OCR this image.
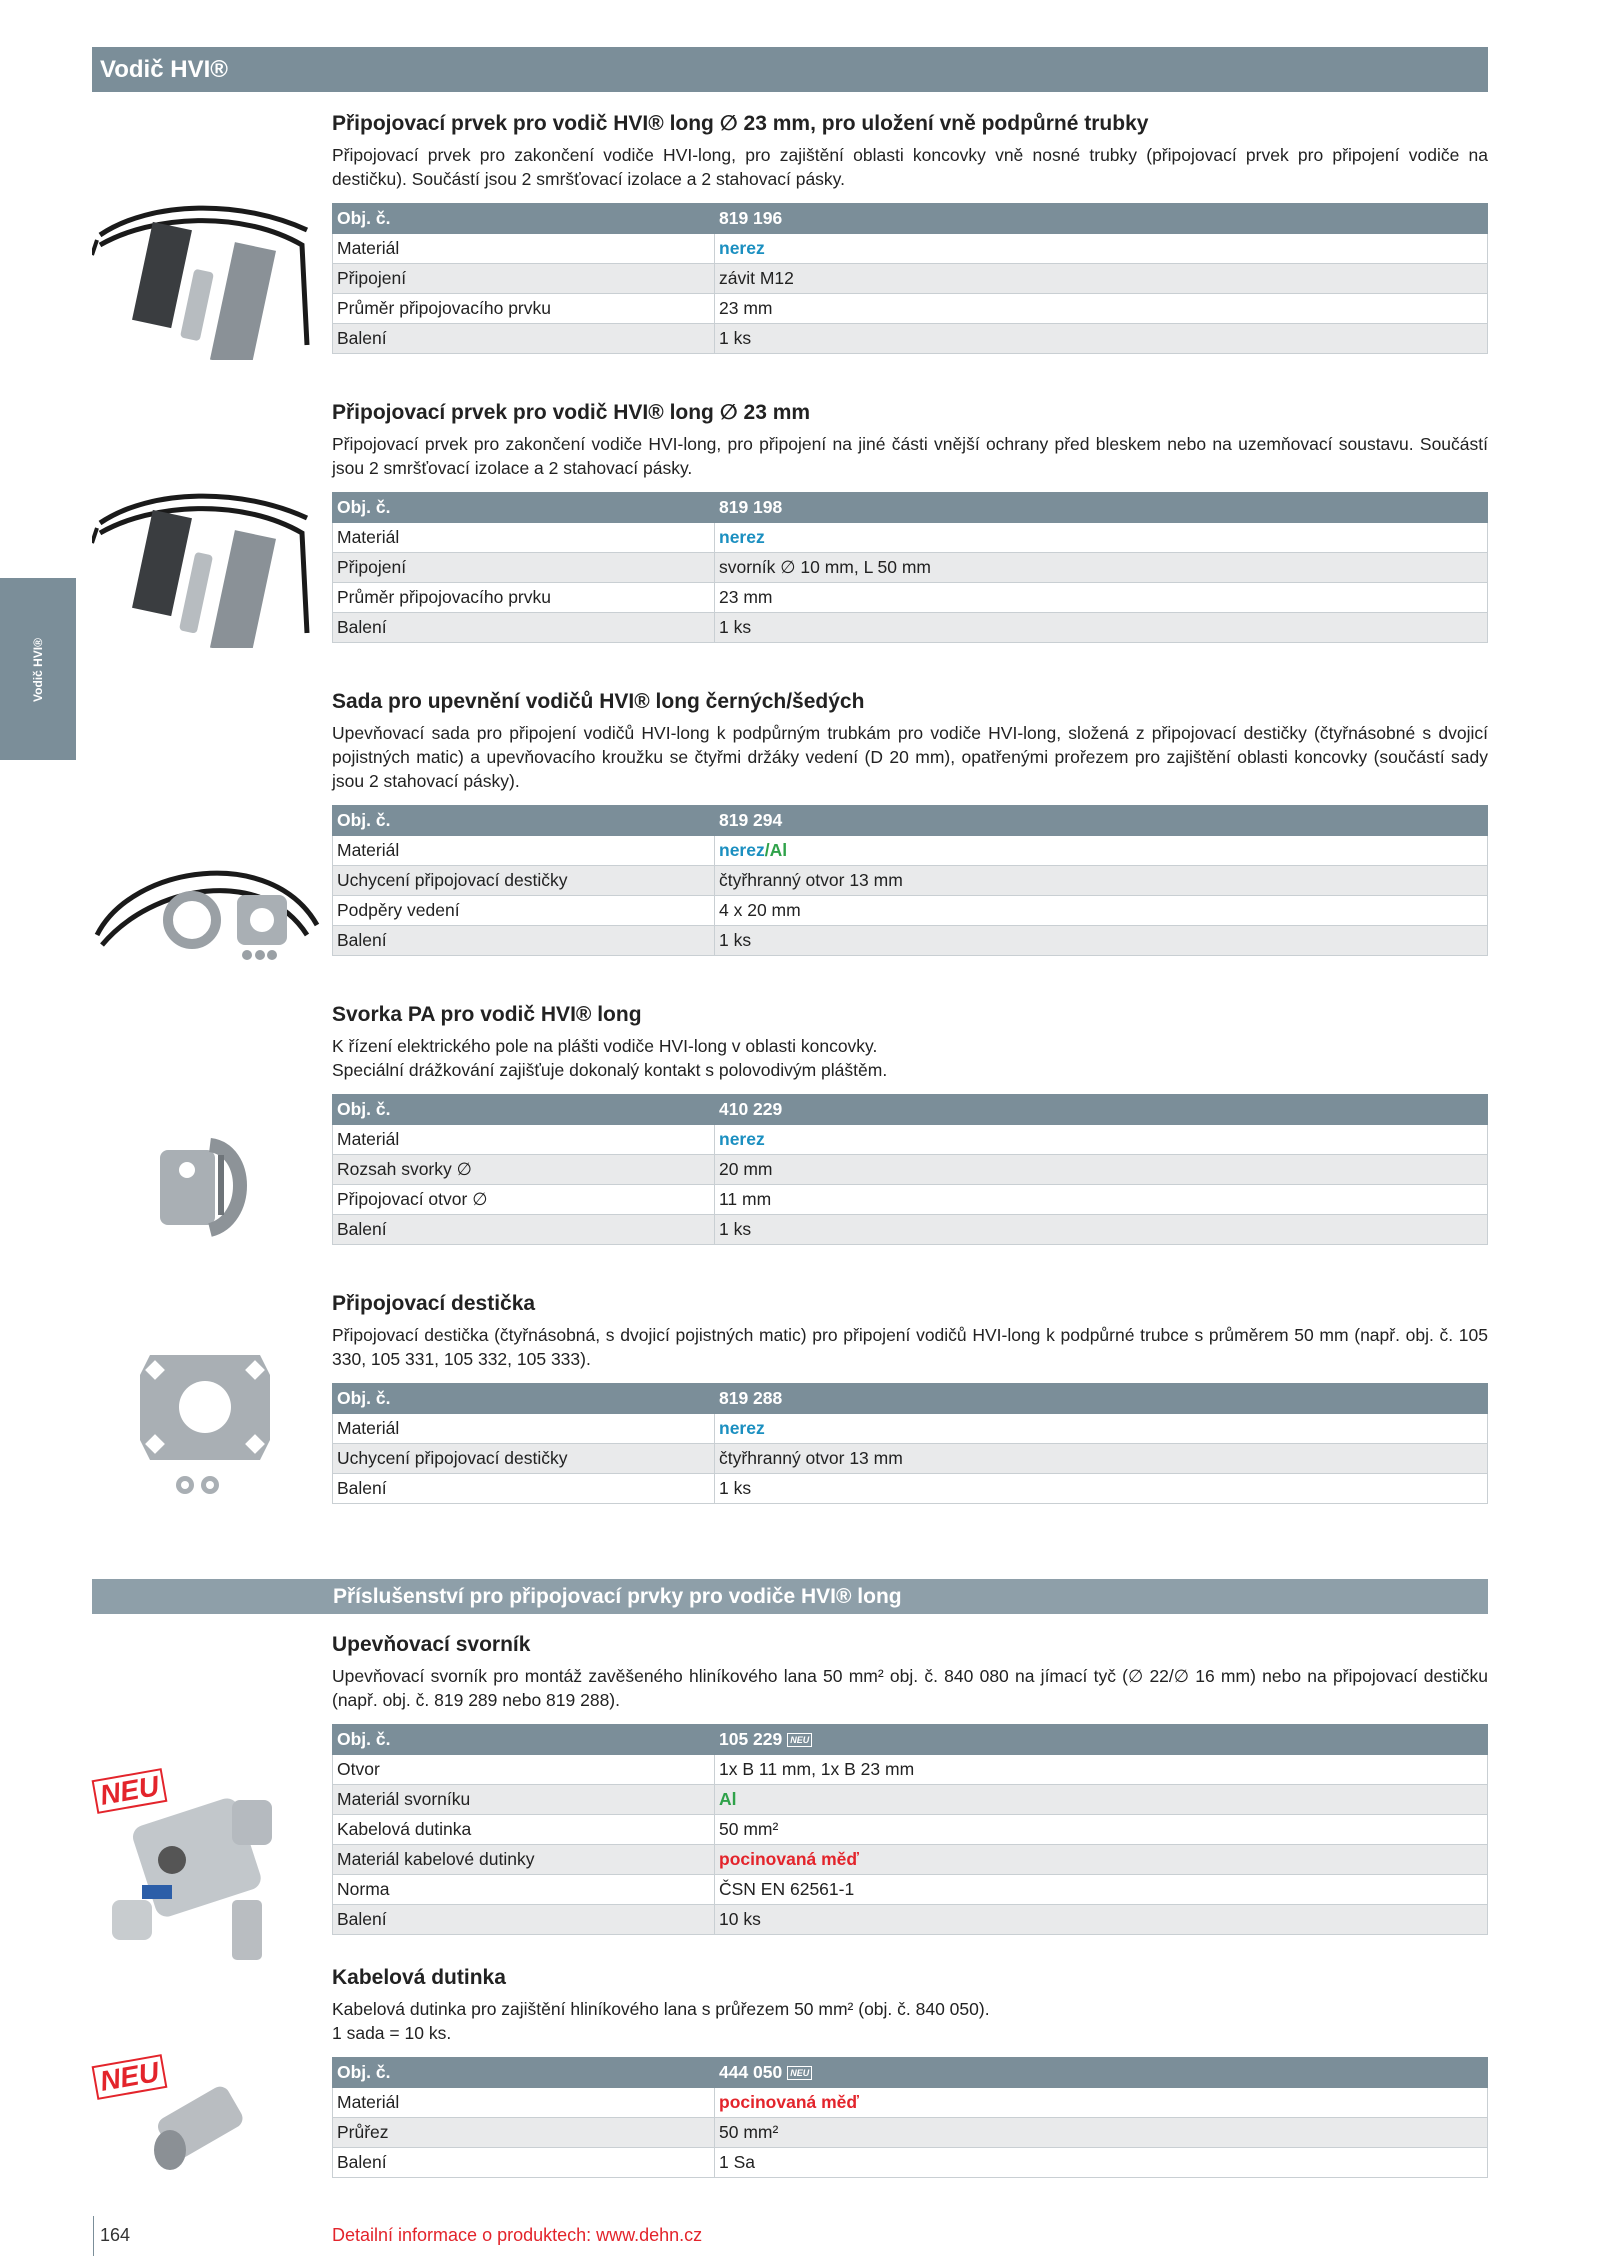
Vodič HVI®
Vodič HVI®
Příslušenství pro připojovací prvky pro vodiče HVI® long
NEU
NEU
Připojovací prvek pro vodič HVI® long ∅ 23 mm, pro uložení vně podpůrné trubky

Připojovací prvek pro zakončení vodiče HVI-long, pro zajištění oblasti koncovky vně nosné trubky (připojovací prvek pro připojení vodiče na destičku). Součástí jsou 2 smršťovací izolace a 2 stahovací pásky.

Obj. č.	819 196
Materiál	nerez
Připojení	závit M12
Průměr připojovacího prvku	23 mm
Balení	1 ks
Připojovací prvek pro vodič HVI® long ∅ 23 mm

Připojovací prvek pro zakončení vodiče HVI-long, pro připojení na jiné části vnější ochrany před bleskem nebo na uzemňovací soustavu. Součástí jsou 2 smršťovací izolace a 2 stahovací pásky.

Obj. č.	819 198
Materiál	nerez
Připojení	svorník ∅ 10 mm, L 50 mm
Průměr připojovacího prvku	23 mm
Balení	1 ks
Sada pro upevnění vodičů HVI® long černých/šedých

Upevňovací sada pro připojení vodičů HVI-long k podpůrným trubkám pro vodiče HVI-long, složená z připojovací destičky (čtyřnásobné s dvojicí pojistných matic) a upevňovacího kroužku se čtyřmi držáky vedení (D 20 mm), opatřenými prořezem pro zajištění oblasti koncovky (součástí sady jsou 2 stahovací pásky).

Obj. č.	819 294
Materiál	nerez/Al
Uchycení připojovací destičky	čtyřhranný otvor 13 mm
Podpěry vedení	4 x 20 mm
Balení	1 ks
Svorka PA pro vodič HVI® long

K řízení elektrického pole na plášti vodiče HVI-long v oblasti koncovky.
Speciální drážkování zajišťuje dokonalý kontakt s polovodivým pláštěm.

Obj. č.	410 229
Materiál	nerez
Rozsah svorky ∅	20 mm
Připojovací otvor ∅	11 mm
Balení	1 ks
Připojovací destička

Připojovací destička (čtyřnásobná, s dvojicí pojistných matic) pro připojení vodičů HVI-long k podpůrné trubce s průměrem 50 mm (např. obj. č. 105 330, 105 331, 105 332, 105 333).

Obj. č.	819 288
Materiál	nerez
Uchycení připojovací destičky	čtyřhranný otvor 13 mm
Balení	1 ks
Upevňovací svorník

Upevňovací svorník pro montáž zavěšeného hliníkového lana 50 mm² obj. č. 840 080 na jímací tyč (∅ 22/∅ 16 mm) nebo na připojovací destičku (např. obj. č. 819 289 nebo 819 288).

Obj. č.	105 229 NEU
Otvor	1x B 11 mm, 1x B 23 mm
Materiál svorníku	Al
Kabelová dutinka	50 mm²
Materiál kabelové dutinky	pocinovaná měď
Norma	ČSN EN 62561-1
Balení	10 ks
Kabelová dutinka

Kabelová dutinka pro zajištění hliníkového lana s průřezem 50 mm² (obj. č. 840 050).
1 sada = 10 ks.

Obj. č.	444 050 NEU
Materiál	pocinovaná měď
Průřez	50 mm²
Balení	1 Sa
164	Detailní informace o produktech: www.dehn.cz
